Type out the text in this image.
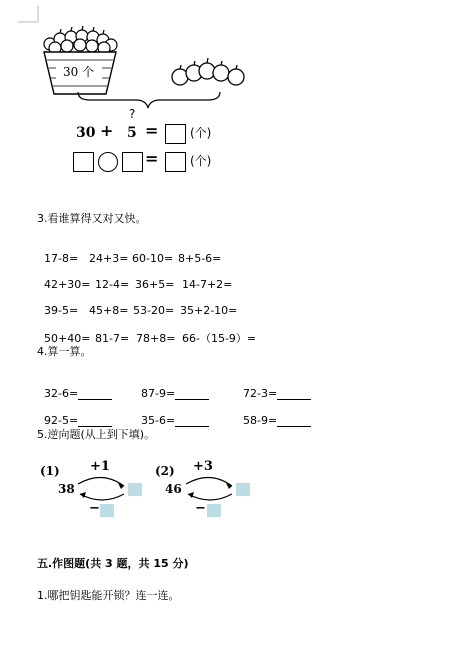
30 个
?
30 + 5 =	(个)
=	(个)
3.看谁算得又对又快。

17-8= 24+3= 60-10= 8+5-6=

42+30= 12-4= 36+5= 14-7+2=

39-5= 45+8= 53-20= 35+2-10=

50+40= 81-7= 78+8= 66-（15-9）=

4.算一算。

32-6=	87-9=	72-3=

92-5=	35-6=	58-9=

5.逆向题(从上到下填)。
(1) +1
38
−
(2) +3
46
−
五.作图题(共 3 题，共 15 分)
1.哪把钥匙能开锁？连一连。
